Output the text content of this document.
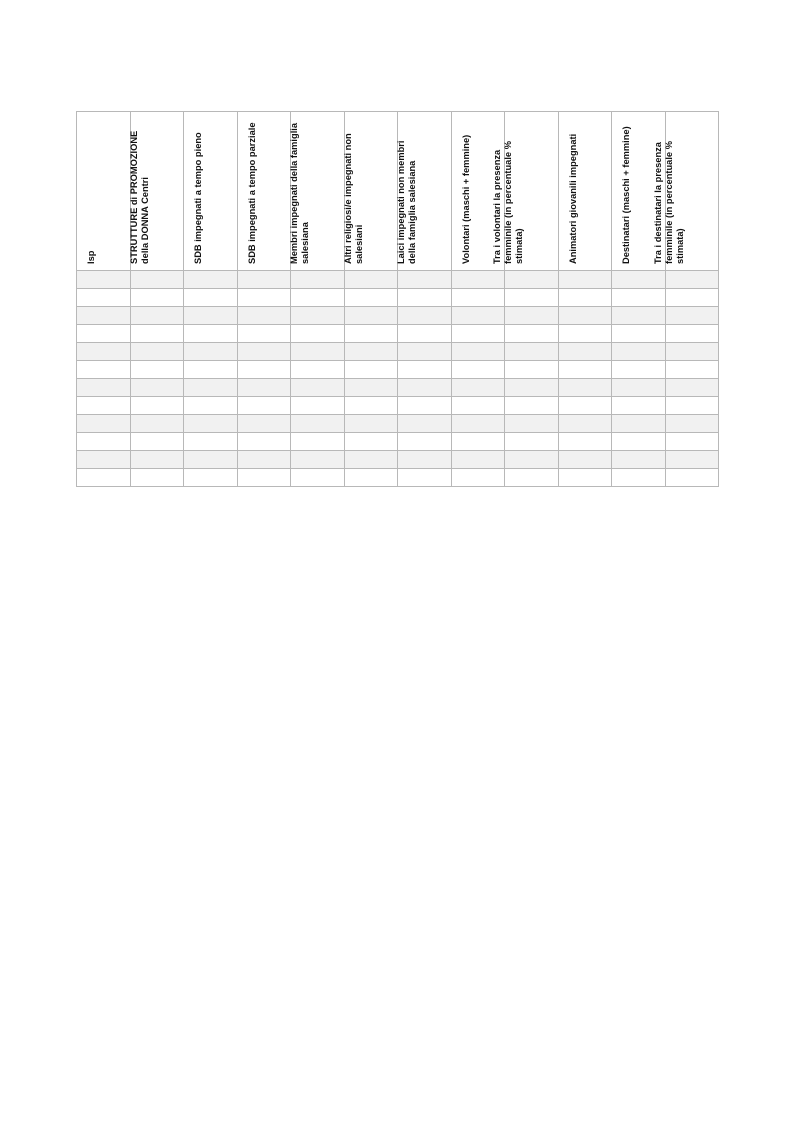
Isp	STRUTTURE di PROMOZIONE della DONNA Centri	SDB impegnati a tempo pieno	SDB impegnati a tempo parziale	Membri impegnati della famiglia salesiana	Altri religiosi/e impegnati non salesiani	Laici impegnati non membri della famiglia salesiana	Volontari (maschi + femmine)	Tra i volontari la presenza femminile (in percentuale % stimata)	Animatori giovanili impegnati	Destinatari (maschi + femmine)	Tra i destinatari la presenza femminile (in percentuale % stimata)
